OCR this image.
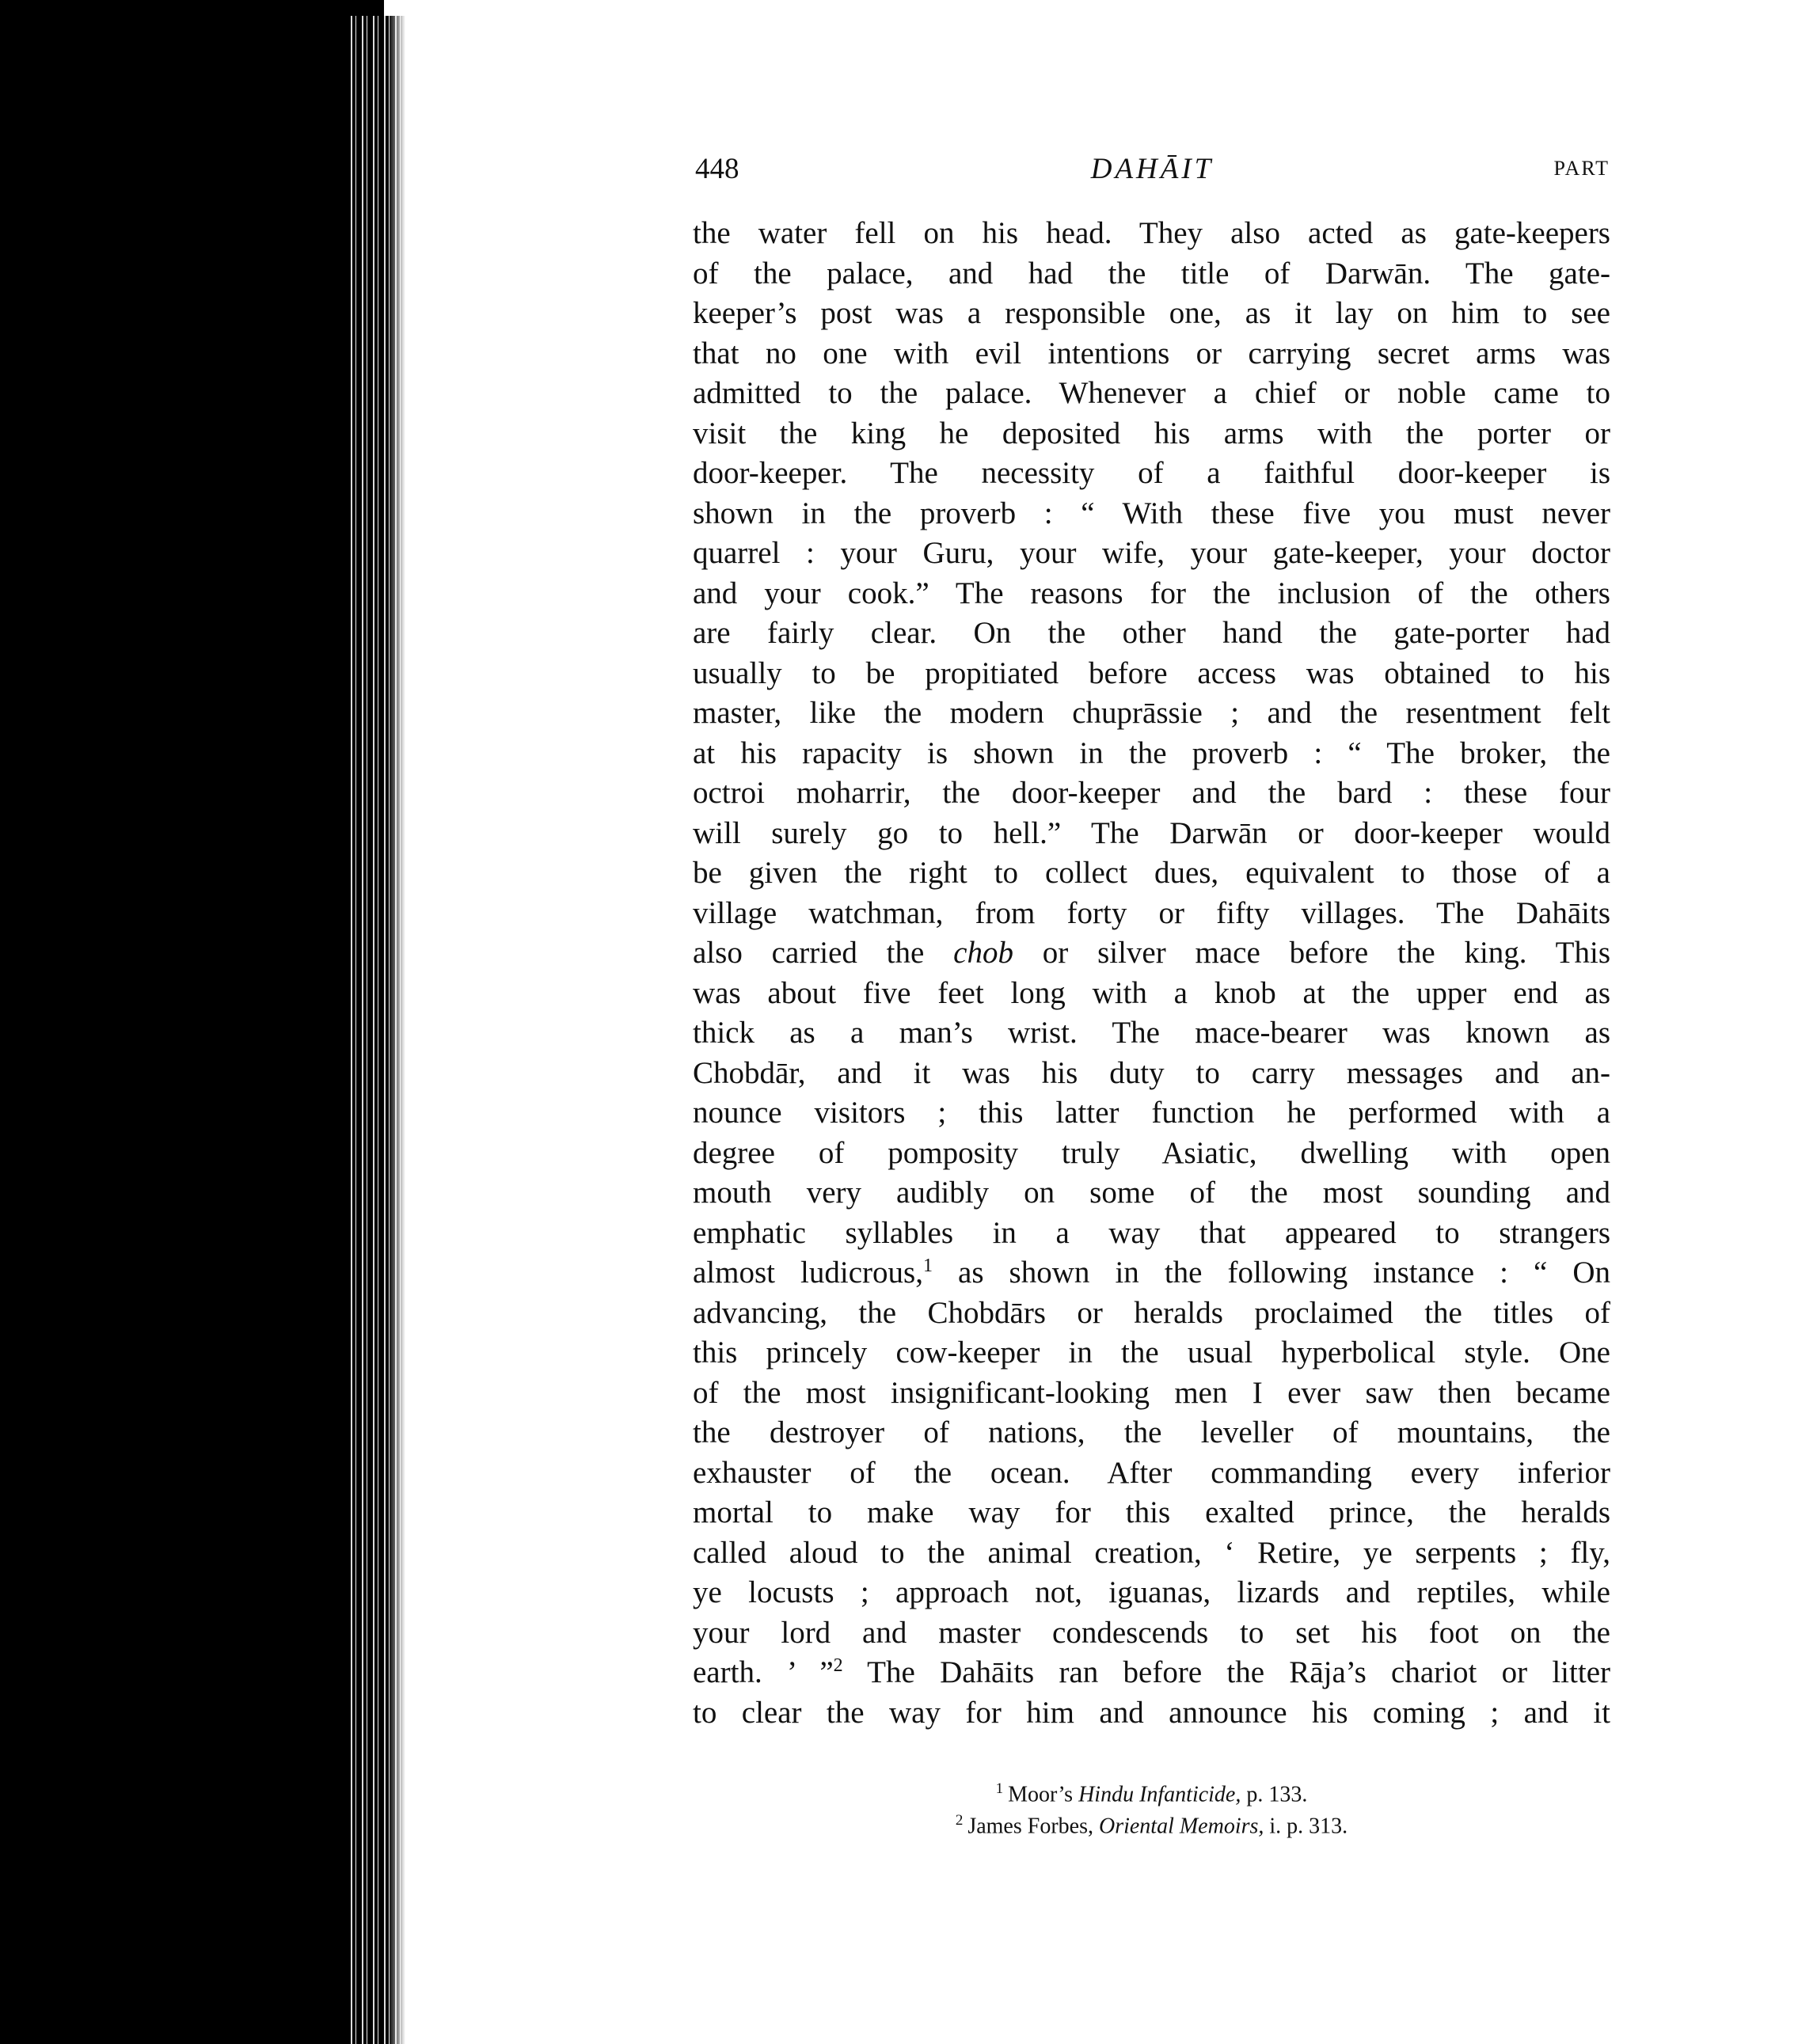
448	DAHĀIT	PART
the water fell on his head. They also acted as gate-keepers
of the palace, and had the title of Darwān. The gate-
keeper’s post was a responsible one, as it lay on him to see
that no one with evil intentions or carrying secret arms was
admitted to the palace. Whenever a chief or noble came to
visit the king he deposited his arms with the porter or
door-keeper. The necessity of a faithful door-keeper is
shown in the proverb : “ With these five you must never
quarrel : your Guru, your wife, your gate-keeper, your doctor
and your cook.” The reasons for the inclusion of the others
are fairly clear. On the other hand the gate-porter had
usually to be propitiated before access was obtained to his
master, like the modern chuprāssie ; and the resentment felt
at his rapacity is shown in the proverb : “ The broker, the
octroi moharrir, the door-keeper and the bard : these four
will surely go to hell.” The Darwān or door-keeper would
be given the right to collect dues, equivalent to those of a
village watchman, from forty or fifty villages. The Dahāits
also carried the chob or silver mace before the king. This
was about five feet long with a knob at the upper end as
thick as a man’s wrist. The mace-bearer was known as
Chobdār, and it was his duty to carry messages and an-
nounce visitors ; this latter function he performed with a
degree of pomposity truly Asiatic, dwelling with open
mouth very audibly on some of the most sounding and
emphatic syllables in a way that appeared to strangers
almost ludicrous,$^1$ as shown in the following instance : “ On
advancing, the Chobdārs or heralds proclaimed the titles of
this princely cow-keeper in the usual hyperbolical style. One
of the most insignificant-looking men I ever saw then became
the destroyer of nations, the leveller of mountains, the
exhauster of the ocean. After commanding every inferior
mortal to make way for this exalted prince, the heralds
called aloud to the animal creation, ‘ Retire, ye serpents ; fly,
ye locusts ; approach not, iguanas, lizards and reptiles, while
your lord and master condescends to set his foot on the
earth. ’ ”$^2$ The Dahāits ran before the Rāja’s chariot or litter
to clear the way for him and announce his coming ; and it
$^1$ Moor’s Hindu Infanticide, p. 133.
$^2$ James Forbes, Oriental Memoirs, i. p. 313.
